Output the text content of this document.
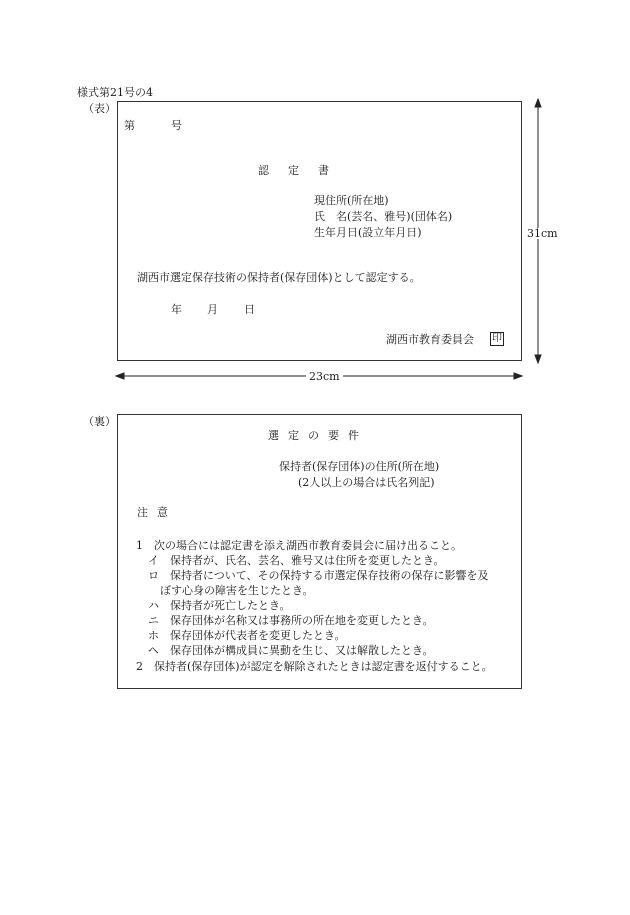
様式第21号の4
（表）
第	号
認定書
現住所(所在地)
氏　名(芸名、雅号)(団体名)
生年月日(設立年月日)
湖西市選定保存技術の保持者(保存団体)として認定する。
年 月 日
湖西市教育委員会 印
31cm
23cm
（裏）
選定の要件
保持者(保存団体)の住所(所在地)
(2人以上の場合は氏名列記)
注意
1　次の場合には認定書を添え湖西市教育委員会に届け出ること。
イ　保持者が、氏名、芸名、雅号又は住所を変更したとき。
ロ　保持者について、その保持する市選定保存技術の保存に影響を及
ぼす心身の障害を生じたとき。
ハ　保持者が死亡したとき。
ニ　保存団体が名称又は事務所の所在地を変更したとき。
ホ　保存団体が代表者を変更したとき。
ヘ　保存団体が構成員に異動を生じ、又は解散したとき。
2　保持者(保存団体)が認定を解除されたときは認定書を返付すること。
